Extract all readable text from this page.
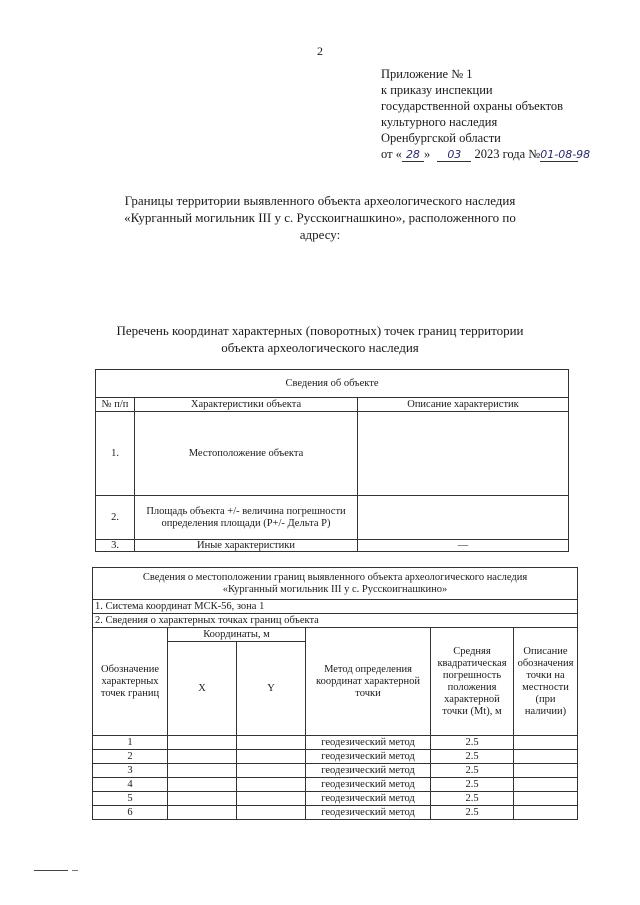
2
Приложение № 1
к приказу инспекции
государственной охраны объектов
культурного наследия
Оренбургской области
от « 28 » 03 2023 года №01-08-98
Границы территории выявленного объекта археологического наследия
«Курганный могильник III у с. Русскоигнашкино», расположенного по
адресу:
Перечень координат характерных (поворотных) точек границ территории
объекта археологического наследия
Сведения об объекте		
№ п/п	Характеристики объекта	Описание характеристик
1.	Местоположение объекта	
2.	Площадь объекта +/- величина погрешности определения площади (Р+/- Дельта Р)	
3.	Иные характеристики	—
Сведения о местоположении границ выявленного объекта археологического наследия
«Курганный могильник III у с. Русскоигнашкино»					

1. Система координат МСК-56, зона 1					
2. Сведения о характерных точках границ объекта					
Обозначение характерных точек границ	Координаты, м		Метод определения координат характерной точки	Средняя квадратическая погрешность положения характерной точки (Mt), м	Описание обозначения точки на местности (при наличии)
	X	Y			
1			геодезический метод	2.5	
2			геодезический метод	2.5	
3			геодезический метод	2.5	
4			геодезический метод	2.5	
5			геодезический метод	2.5	
6			геодезический метод	2.5	
